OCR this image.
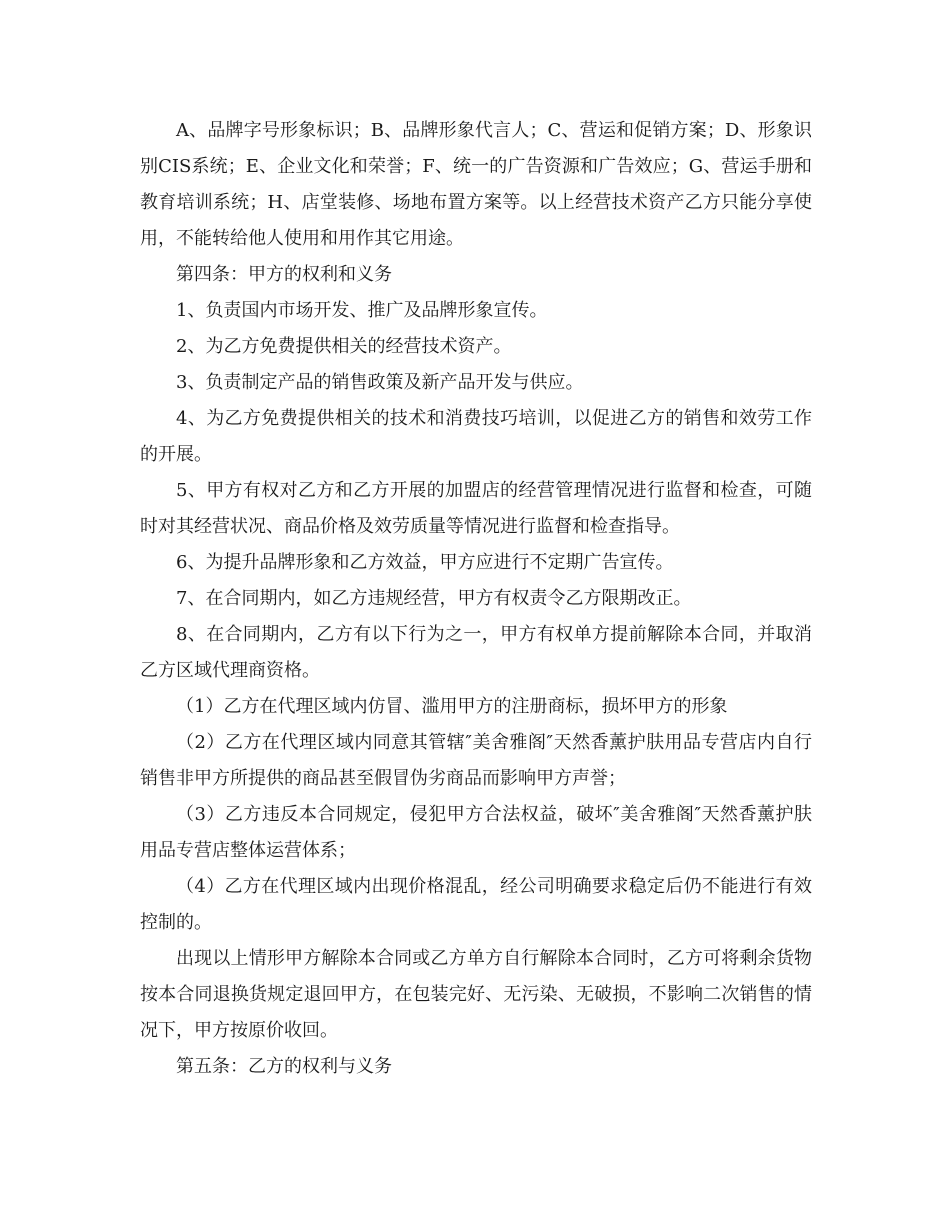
A、品牌字号形象标识；B、品牌形象代言人；C、营运和促销方案；D、形象识别CIS系统；E、企业文化和荣誉；F、统一的广告资源和广告效应；G、营运手册和教育培训系统；H、店堂装修、场地布置方案等。以上经营技术资产乙方只能分享使用，不能转给他人使用和用作其它用途。

第四条：甲方的权利和义务

1、负责国内市场开发、推广及品牌形象宣传。

2、为乙方免费提供相关的经营技术资产。

3、负责制定产品的销售政策及新产品开发与供应。

4、为乙方免费提供相关的技术和消费技巧培训，以促进乙方的销售和效劳工作的开展。

5、甲方有权对乙方和乙方开展的加盟店的经营管理情况进行监督和检查，可随时对其经营状况、商品价格及效劳质量等情况进行监督和检查指导。

6、为提升品牌形象和乙方效益，甲方应进行不定期广告宣传。

7、在合同期内，如乙方违规经营，甲方有权责令乙方限期改正。

8、在合同期内，乙方有以下行为之一，甲方有权单方提前解除本合同，并取消乙方区域代理商资格。

（1）乙方在代理区域内仿冒、滥用甲方的注册商标，损坏甲方的形象

（2）乙方在代理区域内同意其管辖″美舍雅阁″天然香薰护肤用品专营店内自行销售非甲方所提供的商品甚至假冒伪劣商品而影响甲方声誉；

（3）乙方违反本合同规定，侵犯甲方合法权益，破坏″美舍雅阁″天然香薰护肤用品专营店整体运营体系；

（4）乙方在代理区域内出现价格混乱，经公司明确要求稳定后仍不能进行有效控制的。

出现以上情形甲方解除本合同或乙方单方自行解除本合同时，乙方可将剩余货物按本合同退换货规定退回甲方，在包装完好、无污染、无破损，不影响二次销售的情况下，甲方按原价收回。

第五条：乙方的权利与义务
